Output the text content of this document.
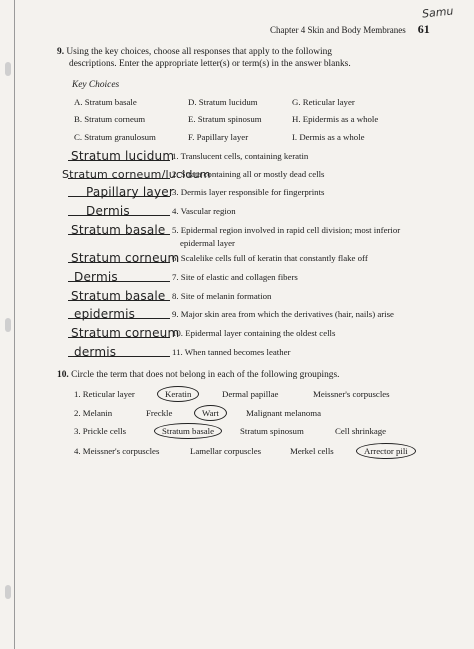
Chapter 4 Skin and Body Membranes 61
Samu
9. Using the key choices, choose all responses that apply to the following
descriptions. Enter the appropriate letter(s) or term(s) in the answer blanks.
Key Choices
A. Stratum basale
B. Stratum corneum
C. Stratum granulosum
D. Stratum lucidum
E. Stratum spinosum
F. Papillary layer
G. Reticular layer
H. Epidermis as a whole
I. Dermis as a whole
Stratum lucidum
1. Translucent cells, containing keratin
Stratum corneum/lucidum
2. Strata containing all or mostly dead cells
Papillary layer
3. Dermis layer responsible for fingerprints
Dermis	4. Vascular region
Stratum basale 5. Epidermal region involved in rapid cell division; most inferior
epidermal layer
Stratum corneum
6. Scalelike cells full of keratin that constantly flake off
Dermis	7. Site of elastic and collagen fibers
Stratum basale 8. Site of melanin formation
epidermis	9. Major skin area from which the derivatives (hair, nails) arise
Stratum corneum
10. Epidermal layer containing the oldest cells
dermis	11. When tanned becomes leather
10. Circle the term that does not belong in each of the following groupings.
1. Reticular layer	Keratin	Dermal papillae	Meissner's corpuscles
2. Melanin	Freckle	Wart	Malignant melanoma
3. Prickle cells	Stratum basale	Stratum spinosum	Cell shrinkage
4. Meissner's corpuscles	Lamellar corpuscles	Merkel cells	Arrector pili
